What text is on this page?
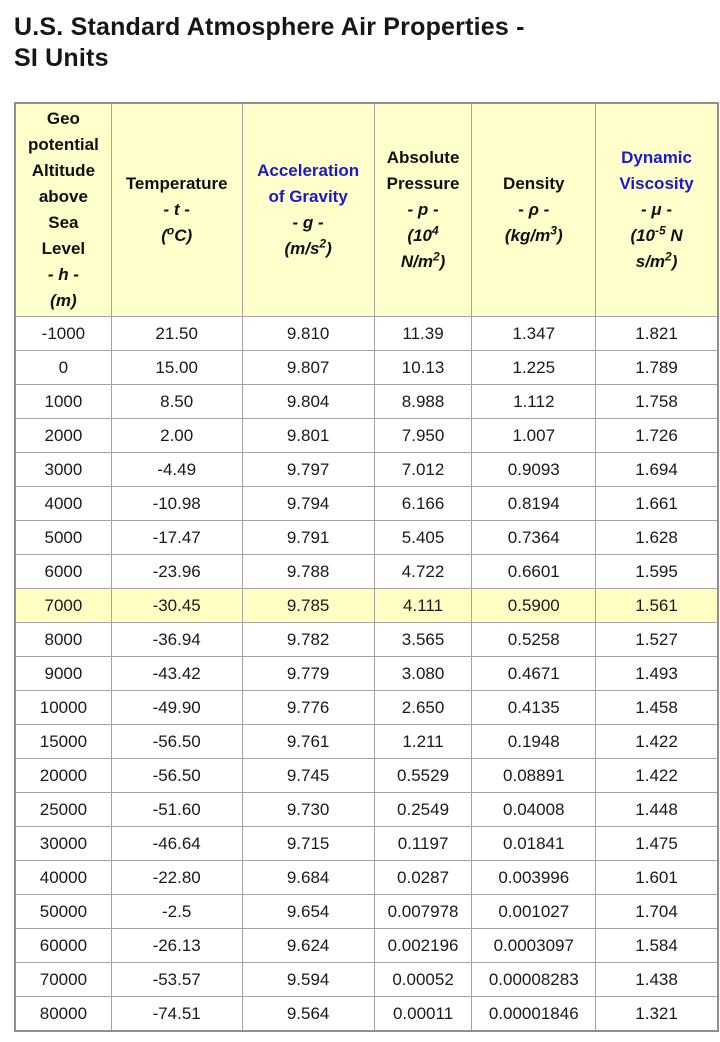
U.S. Standard Atmosphere Air Properties -
SI Units
Geo
potential
Altitude
above
Sea
Level
- h -
(m)

Temperature
- t -
($^o$C)

Acceleration
of Gravity
- g -
$(m/s^2)$

Absolute
Pressure
- p -
($10^4$
$N/m^2$)

Density
- ρ -
$(kg/m^3)$

Dynamic
Viscosity
- μ -
($10^{-5}$ N
$s/m^2$)

-1000	21.50	9.810	11.39	1.347	1.821
0	15.00	9.807	10.13	1.225	1.789
1000	8.50	9.804	8.988	1.112	1.758
2000	2.00	9.801	7.950	1.007	1.726
3000	-4.49	9.797	7.012	0.9093	1.694
4000	-10.98	9.794	6.166	0.8194	1.661
5000	-17.47	9.791	5.405	0.7364	1.628
6000	-23.96	9.788	4.722	0.6601	1.595
7000	-30.45	9.785	4.111	0.5900	1.561
8000	-36.94	9.782	3.565	0.5258	1.527
9000	-43.42	9.779	3.080	0.4671	1.493
10000	-49.90	9.776	2.650	0.4135	1.458
15000	-56.50	9.761	1.211	0.1948	1.422
20000	-56.50	9.745	0.5529	0.08891	1.422
25000	-51.60	9.730	0.2549	0.04008	1.448
30000	-46.64	9.715	0.1197	0.01841	1.475
40000	-22.80	9.684	0.0287	0.003996	1.601
50000	-2.5	9.654	0.007978	0.001027	1.704
60000	-26.13	9.624	0.002196	0.0003097	1.584
70000	-53.57	9.594	0.00052	0.00008283	1.438
80000	-74.51	9.564	0.00011	0.00001846	1.321
